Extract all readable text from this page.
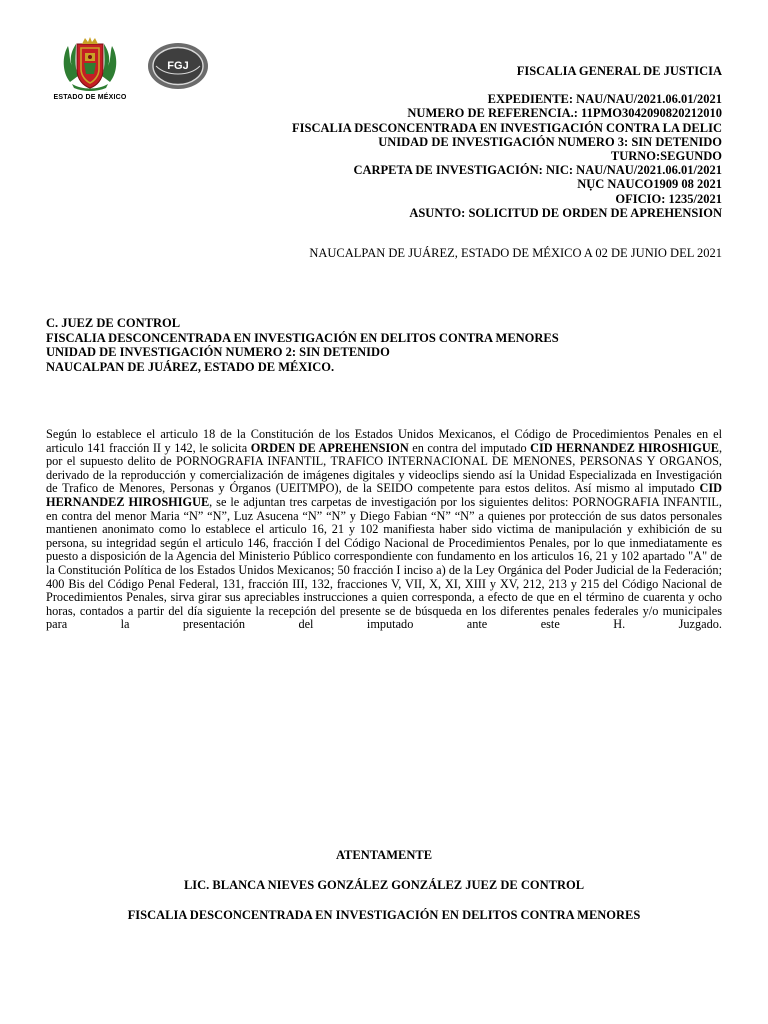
ESTADO DE MÉXICO
FGJ	FISCALIA GENERAL DE JUSTICIA
EXPEDIENTE: NAU/NAU/2021.06.01/2021
NUMERO DE REFERENCIA.: 11PMO3042090820212010
FISCALIA DESCONCENTRADA EN INVESTIGACIÓN CONTRA LA DELIC
UNIDAD DE INVESTIGACIÓN NUMERO 3: SIN DETENIDO
TURNO:SEGUNDO
CARPETA DE INVESTIGACIÓN: NIC: NAU/NAU/2021.06.01/2021
NỤC NAUCO1909 08 2021
OFICIO: 1235/2021
ASUNTO: SOLICITUD DE ORDEN DE APREHENSION
NAUCALPAN DE JUÁREZ, ESTADO DE MÉXICO A 02 DE JUNIO DEL 2021
C. JUEZ DE CONTROL
FISCALIA DESCONCENTRADA EN INVESTIGACIÓN EN DELITOS CONTRA MENORES
UNIDAD DE INVESTIGACIÓN NUMERO 2: SIN DETENIDO
NAUCALPAN DE JUÁREZ, ESTADO DE MÉXICO.
Según lo establece el articulo 18 de la Constitución de los Estados Unidos Mexicanos, el Código de Procedimientos Penales en el articulo 141 fracción II y 142, le solicita ORDEN DE APREHENSION en contra del imputado CID HERNANDEZ HIROSHIGUE, por el supuesto delito de PORNOGRAFIA INFANTIL, TRAFICO INTERNACIONAL DE MENONES, PERSONAS Y ORGANOS, derivado de la reproducción y comercialización de imágenes digitales y videoclips siendo así la Unidad Especializada en Investigación de Trafico de Menores, Personas y Órganos (UEITMPO), de la SEIDO competente para estos delitos. Así mismo al imputado CID HERNANDEZ HIROSHIGUE, se le adjuntan tres carpetas de investigación por los siguientes delitos: PORNOGRAFIA INFANTIL, en contra del menor Maria “N” “N”, Luz Asucena “N” “N” y Diego Fabian “N” “N” a quienes por protección de sus datos personales mantienen anonimato como lo establece el articulo 16, 21 y 102 manifiesta haber sido victima de manipulación y exhibición de su persona, su integridad según el articulo 146, fracción I del Código Nacional de Procedimientos Penales, por lo que inmediatamente es puesto a disposición de la Agencia del Ministerio Público correspondiente con fundamento en los articulos 16, 21 y 102 apartado "A" de la Constitución Política de los Estados Unidos Mexicanos; 50 fracción I inciso a) de la Ley Orgánica del Poder Judicial de la Federación; 400 Bis del Código Penal Federal, 131, fracción III, 132, fracciones V, VII, X, XI, XIII y XV, 212, 213 y 215 del Código Nacional de Procedimientos Penales, sirva girar sus apreciables instrucciones a quien corresponda, a efecto de que en el término de cuarenta y ocho horas, contados a partir del día siguiente la recepción del presente se de búsqueda en los diferentes penales federales y/o municipales para la presentación del imputado ante este H. Juzgado.
ATENTAMENTE
LIC. BLANCA NIEVES GONZÁLEZ GONZÁLEZ JUEZ DE CONTROL
FISCALIA DESCONCENTRADA EN INVESTIGACIÓN EN DELITOS CONTRA MENORES
